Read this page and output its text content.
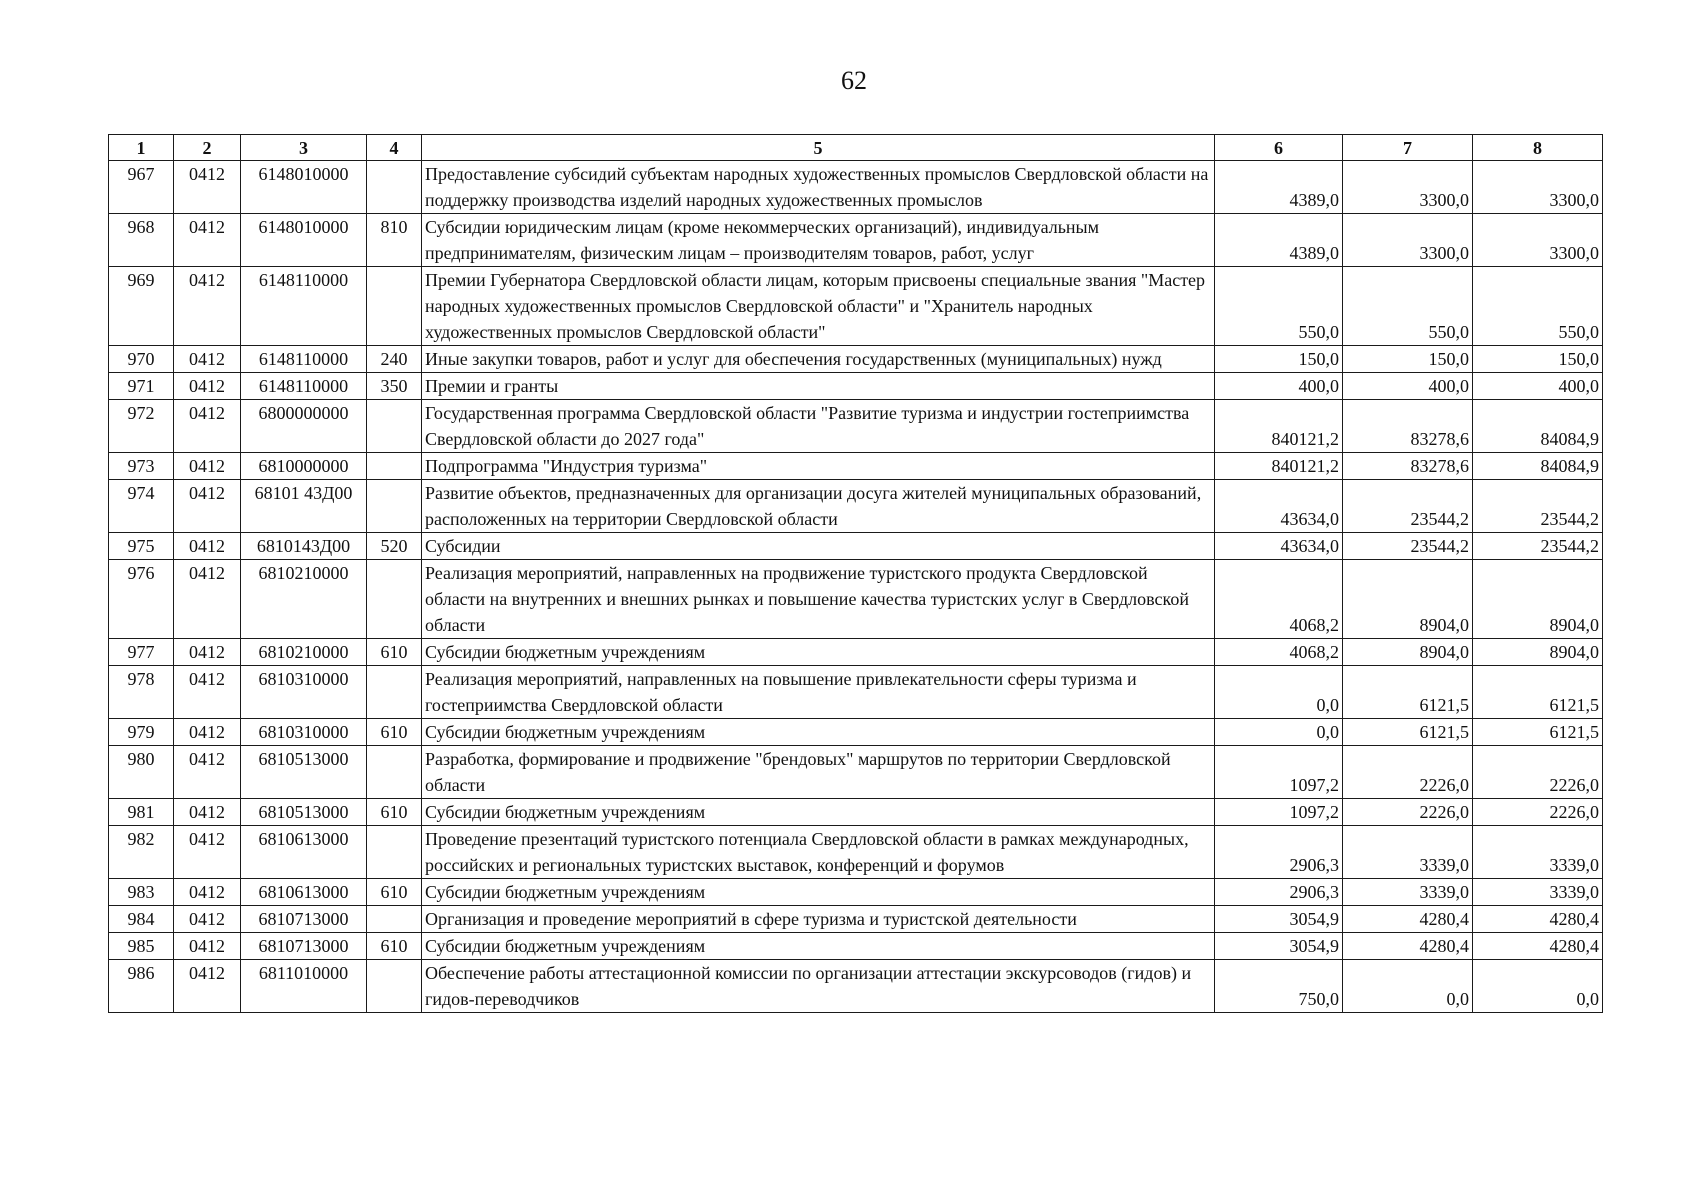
62
1	2	3	4	5	6	7	8
967	0412	6148010000		Предоставление субсидий субъектам народных художественных промыслов Свердловской области на поддержку производства изделий народных художественных промыслов	4389,0	3300,0	3300,0
968	0412	6148010000	810	Субсидии юридическим лицам (кроме некоммерческих организаций), индивидуальным предпринимателям, физическим лицам – производителям товаров, работ, услуг	4389,0	3300,0	3300,0
969	0412	6148110000		Премии Губернатора Свердловской области лицам, которым присвоены специальные звания "Мастер народных художественных промыслов Свердловской области" и "Хранитель народных художественных промыслов Свердловской области"	550,0	550,0	550,0
970	0412	6148110000	240	Иные закупки товаров, работ и услуг для обеспечения государственных (муниципальных) нужд	150,0	150,0	150,0
971	0412	6148110000	350	Премии и гранты	400,0	400,0	400,0
972	0412	6800000000		Государственная программа Свердловской области "Развитие туризма и индустрии гостеприимства Свердловской области до 2027 года"	840121,2	83278,6	84084,9
973	0412	6810000000		Подпрограмма "Индустрия туризма"	840121,2	83278,6	84084,9
974	0412	68101 43Д00		Развитие объектов, предназначенных для организации досуга жителей муниципальных образований, расположенных на территории Свердловской области	43634,0	23544,2	23544,2
975	0412	6810143Д00	520	Субсидии	43634,0	23544,2	23544,2
976	0412	6810210000		Реализация мероприятий, направленных на продвижение туристского продукта Свердловской области на внутренних и внешних рынках и повышение качества туристских услуг в Свердловской области	4068,2	8904,0	8904,0
977	0412	6810210000	610	Субсидии бюджетным учреждениям	4068,2	8904,0	8904,0
978	0412	6810310000		Реализация мероприятий, направленных на повышение привлекательности сферы туризма и гостеприимства Свердловской области	0,0	6121,5	6121,5
979	0412	6810310000	610	Субсидии бюджетным учреждениям	0,0	6121,5	6121,5
980	0412	6810513000		Разработка, формирование и продвижение "брендовых" маршрутов по территории Свердловской области	1097,2	2226,0	2226,0
981	0412	6810513000	610	Субсидии бюджетным учреждениям	1097,2	2226,0	2226,0
982	0412	6810613000		Проведение презентаций туристского потенциала Свердловской области в рамках международных, российских и региональных туристских выставок, конференций и форумов	2906,3	3339,0	3339,0
983	0412	6810613000	610	Субсидии бюджетным учреждениям	2906,3	3339,0	3339,0
984	0412	6810713000		Организация и проведение мероприятий в сфере туризма и туристской деятельности	3054,9	4280,4	4280,4
985	0412	6810713000	610	Субсидии бюджетным учреждениям	3054,9	4280,4	4280,4
986	0412	6811010000		Обеспечение работы аттестационной комиссии по организации аттестации экскурсоводов (гидов) и гидов-переводчиков	750,0	0,0	0,0
